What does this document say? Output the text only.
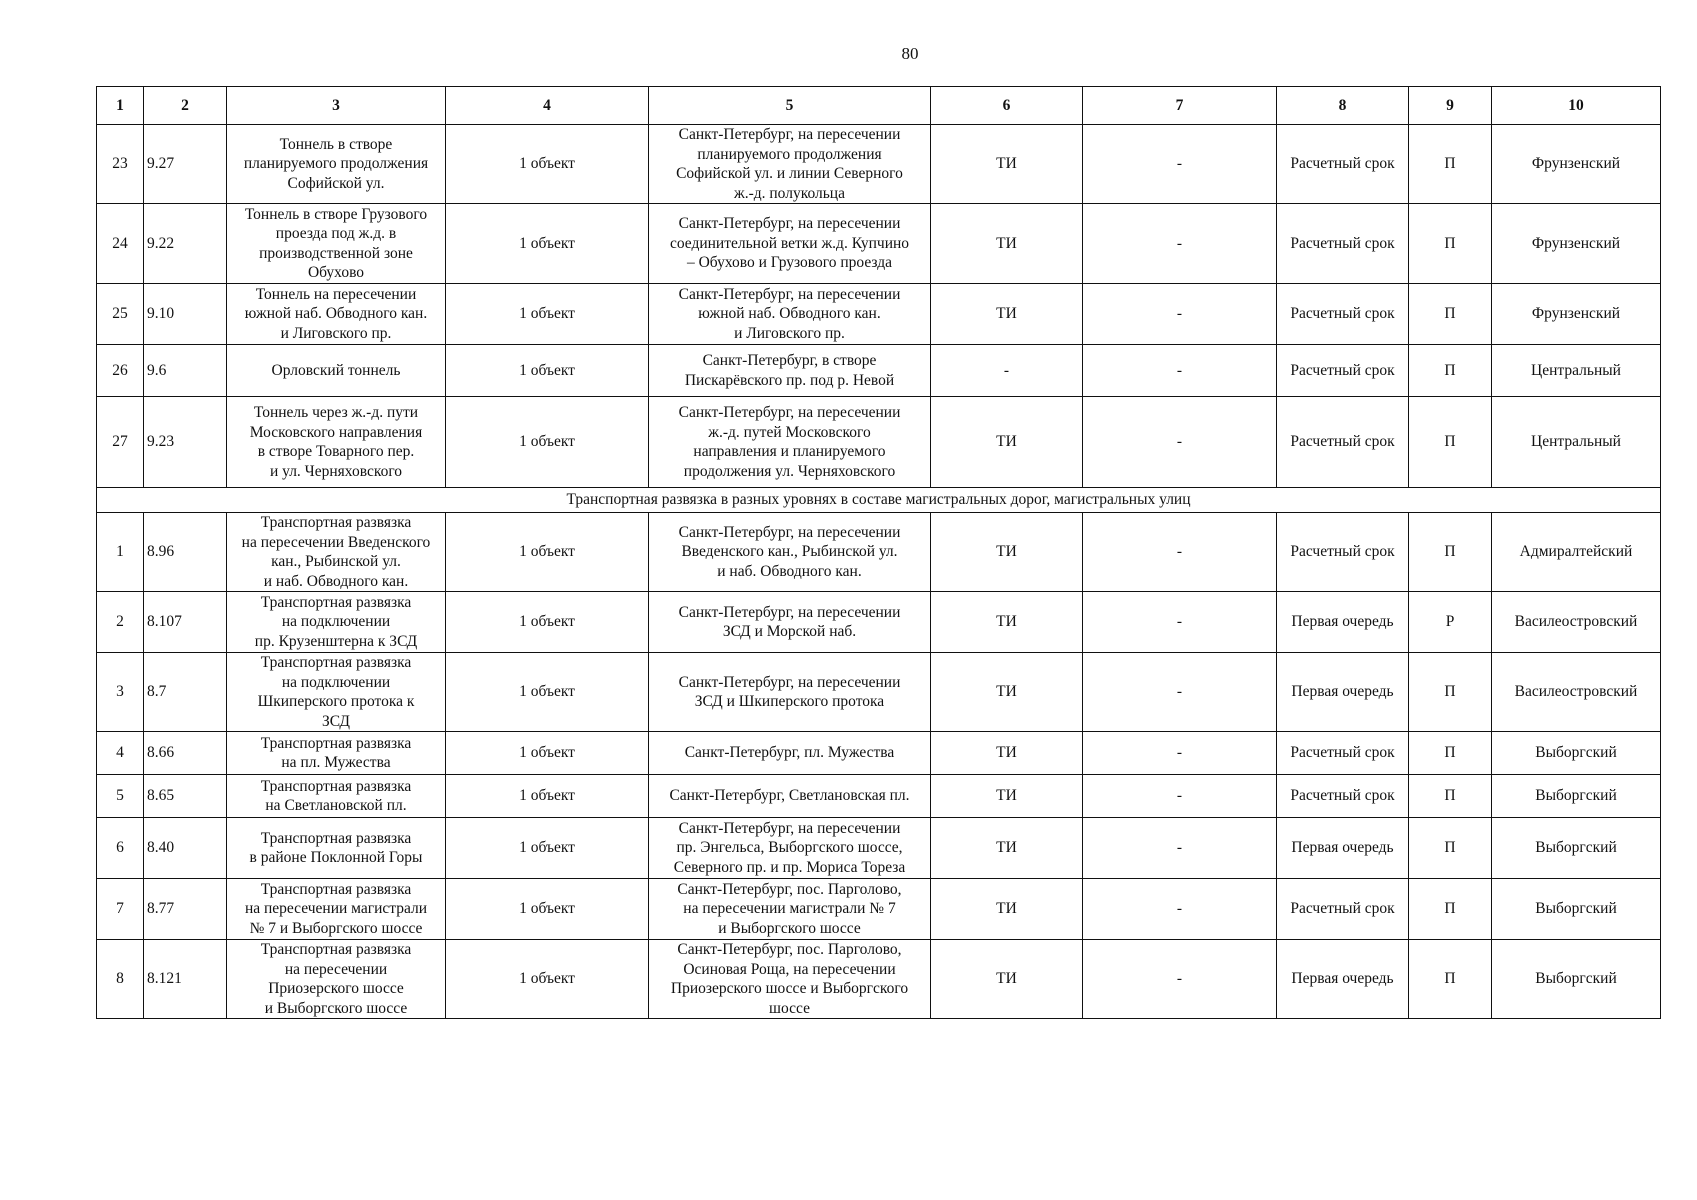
80
1	2	3	4	5	6	7	8	9	10
23	9.27	Тоннель в створе
планируемого продолжения
Софийской ул.	1 объект	Санкт-Петербург, на пересечении
планируемого продолжения
Софийской ул. и линии Северного
ж.-д. полукольца	ТИ	-	Расчетный срок	П	Фрунзенский
24	9.22	Тоннель в створе Грузового
проезда под ж.д. в
производственной зоне
Обухово	1 объект	Санкт-Петербург, на пересечении
соединительной ветки ж.д. Купчино
– Обухово и Грузового проезда	ТИ	-	Расчетный срок	П	Фрунзенский
25	9.10	Тоннель на пересечении
южной наб. Обводного кан.
и Лиговского пр.	1 объект	Санкт-Петербург, на пересечении
южной наб. Обводного кан.
и Лиговского пр.	ТИ	-	Расчетный срок	П	Фрунзенский
26	9.6	Орловский тоннель	1 объект	Санкт-Петербург, в створе
Пискарёвского пр. под р. Невой	-	-	Расчетный срок	П	Центральный
27	9.23	Тоннель через ж.-д. пути
Московского направления
в створе Товарного пер.
и ул. Черняховского	1 объект	Санкт-Петербург, на пересечении
ж.-д. путей Московского
направления и планируемого
продолжения ул. Черняховского	ТИ	-	Расчетный срок	П	Центральный
Транспортная развязка в разных уровнях в составе магистральных дорог, магистральных улиц									
1	8.96	Транспортная развязка
на пересечении Введенского
кан., Рыбинской ул.
и наб. Обводного кан.	1 объект	Санкт-Петербург, на пересечении
Введенского кан., Рыбинской ул.
и наб. Обводного кан.	ТИ	-	Расчетный срок	П	Адмиралтейский
2	8.107	Транспортная развязка
на подключении
пр. Крузенштерна к ЗСД	1 объект	Санкт-Петербург, на пересечении
ЗСД и Морской наб.	ТИ	-	Первая очередь	Р	Василеостровский
3	8.7	Транспортная развязка
на подключении
Шкиперского протока к
ЗСД	1 объект	Санкт-Петербург, на пересечении
ЗСД и Шкиперского протока	ТИ	-	Первая очередь	П	Василеостровский
4	8.66	Транспортная развязка
на пл. Мужества	1 объект	Санкт-Петербург, пл. Мужества	ТИ	-	Расчетный срок	П	Выборгский
5	8.65	Транспортная развязка
на Светлановской пл.	1 объект	Санкт-Петербург, Светлановская пл.	ТИ	-	Расчетный срок	П	Выборгский
6	8.40	Транспортная развязка
в районе Поклонной Горы	1 объект	Санкт-Петербург, на пересечении
пр. Энгельса, Выборгского шоссе,
Северного пр. и пр. Мориса Тореза	ТИ	-	Первая очередь	П	Выборгский
7	8.77	Транспортная развязка
на пересечении магистрали
№ 7 и Выборгского шоссе	1 объект	Санкт-Петербург, пос. Парголово,
на пересечении магистрали № 7
и Выборгского шоссе	ТИ	-	Расчетный срок	П	Выборгский
8	8.121	Транспортная развязка
на пересечении
Приозерского шоссе
и Выборгского шоссе	1 объект	Санкт-Петербург, пос. Парголово,
Осиновая Роща, на пересечении
Приозерского шоссе и Выборгского
шоссе	ТИ	-	Первая очередь	П	Выборгский
